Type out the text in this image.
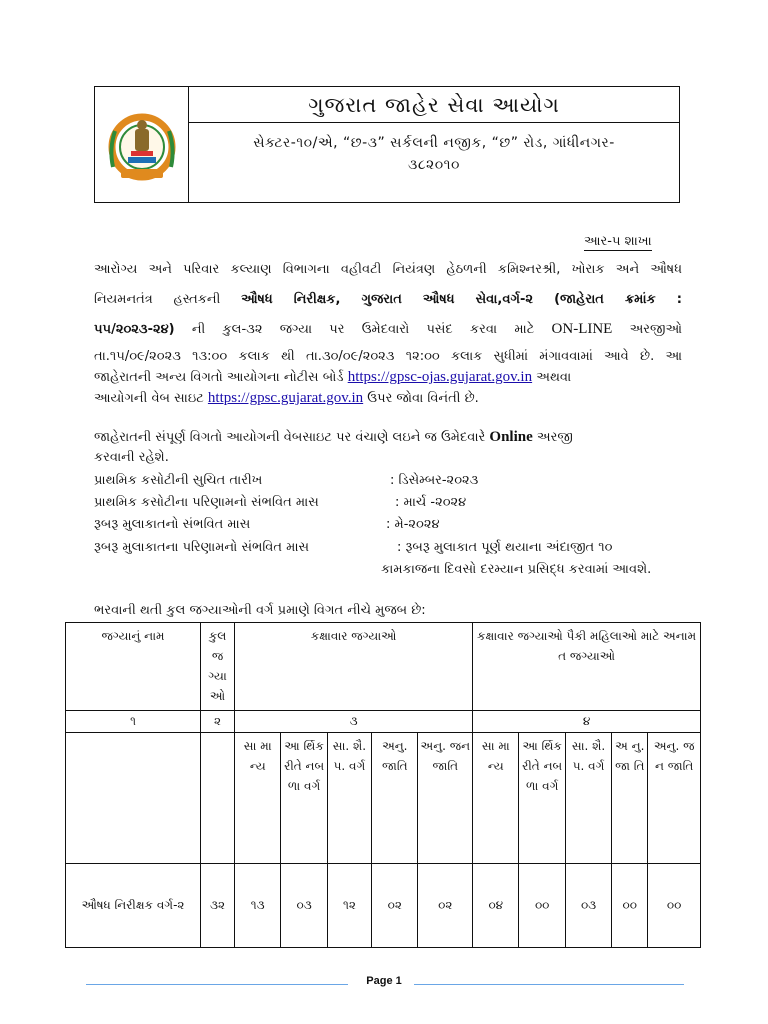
ગુજરાત જાહેર સેવા આયોગ
સેક્ટર-૧૦/એ, “છ-૩” સર્કલની નજીક, “છ” રોડ, ગાંધીનગર-
૩૮૨૦૧૦
આર-૫ શાખા
આરોગ્ય અને પરિવાર કલ્યાણ વિભાગના વહીવટી નિયંત્રણ હેઠળની કમિશ્નરશ્રી, ખોરાક અને ઔષધ
નિયમનતંત્ર હસ્તકની ઔષધ નિરીક્ષક, ગુજરાત ઔષધ સેવા,વર્ગ-૨ (જાહેરાત ક્રમાંક :
૫૫/૨૦૨૩-૨૪) ની કુલ-૩૨ જગ્યા પર ઉમેદવારો પસંદ કરવા માટે ON-LINE અરજીઓ
તા.૧૫/૦૯/૨૦૨૩ ૧૩:૦૦ કલાક થી તા.૩૦/૦૯/૨૦૨૩ ૧૨:૦૦ કલાક સુધીમાં મંગાવવામાં આવે છે. આ
જાહેરાતની અન્ય વિગતો આયોગના નોટીસ બોર્ડ https://gpsc-ojas.gujarat.gov.in અથવા
આયોગની વેબ સાઇટ https://gpsc.gujarat.gov.in ઉપર જોવા વિનંતી છે.
જાહેરાતની સંપૂર્ણ વિગતો આયોગની વેબસાઇટ પર વંચાણે લઇને જ ઉમેદવારે Online અરજી
કરવાની રહેશે.
પ્રાથમિક કસોટીની સુચિત તારીખ	: ડિસેમ્બર-૨૦૨૩
પ્રાથમિક કસોટીના પરિણામનો સંભવિત માસ	: માર્ચ -૨૦૨૪
રૂબરૂ મુલાકાતનો સંભવિત માસ	: મે-૨૦૨૪
રૂબરૂ મુલાકાતના પરિણામનો સંભવિત માસ	: રૂબરૂ મુલાકાત પૂર્ણ થયાના અંદાજીત ૧૦
કામકાજના દિવસો દરમ્યાન પ્રસિદ્ધ કરવામાં આવશે.
ભરવાની થતી કુલ જગ્યાઓની વર્ગ પ્રમાણે વિગત નીચે મુજબ છે:
જગ્યાનું નામ	કુલ જ ગ્યા ઓ	કક્ષાવાર જગ્યાઓ					કક્ષાવાર જગ્યાઓ પૈકી મહિલાઓ માટે અનામત જગ્યાઓ				
૧	૨	૩					૪				
		સા મા ન્ય	આ ર્થિક રીતે નબ ળા વર્ગ	સા. શૈ. પ. વર્ગ	અનુ. જાતિ	અનુ. જન જાતિ	સા મા ન્ય	આ ર્થિક રીતે નબ ળા વર્ગ	સા. શૈ. પ. વર્ગ	અ નુ. જા તિ	અનુ. જન જાતિ
ઔષધ નિરીક્ષક વર્ગ-૨	૩૨	૧૩	૦૩	૧૨	૦૨	૦૨	૦૪	૦૦	૦૩	૦૦	૦૦
Page 1
